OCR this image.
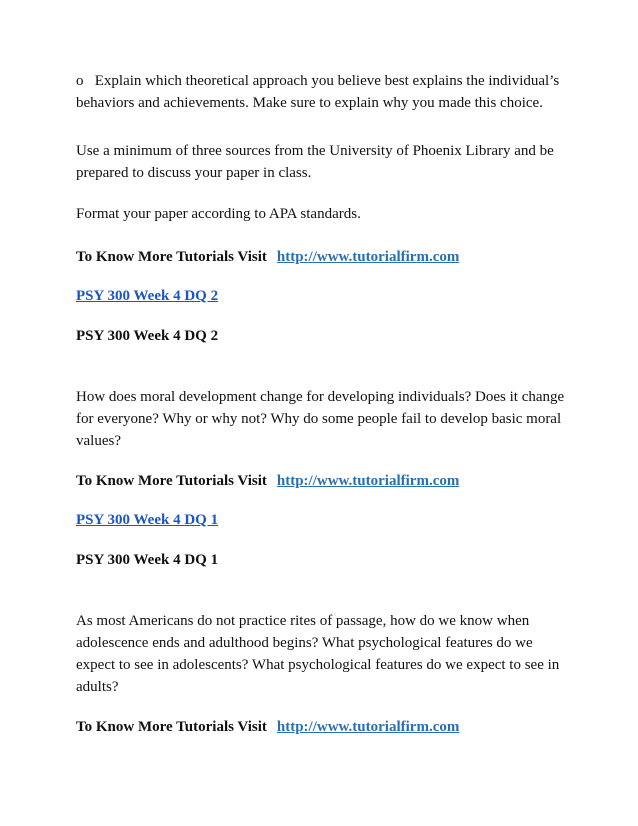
o Explain which theoretical approach you believe best explains the individual’s
behaviors and achievements. Make sure to explain why you made this choice.
Use a minimum of three sources from the University of Phoenix Library and be
prepared to discuss your paper in class.
Format your paper according to APA standards.
To Know More Tutorials Visit http://www.tutorialfirm.com
PSY 300 Week 4 DQ 2
PSY 300 Week 4 DQ 2
How does moral development change for developing individuals? Does it change
for everyone? Why or why not? Why do some people fail to develop basic moral
values?
To Know More Tutorials Visit http://www.tutorialfirm.com
PSY 300 Week 4 DQ 1
PSY 300 Week 4 DQ 1
As most Americans do not practice rites of passage, how do we know when
adolescence ends and adulthood begins? What psychological features do we
expect to see in adolescents? What psychological features do we expect to see in
adults?
To Know More Tutorials Visit http://www.tutorialfirm.com
